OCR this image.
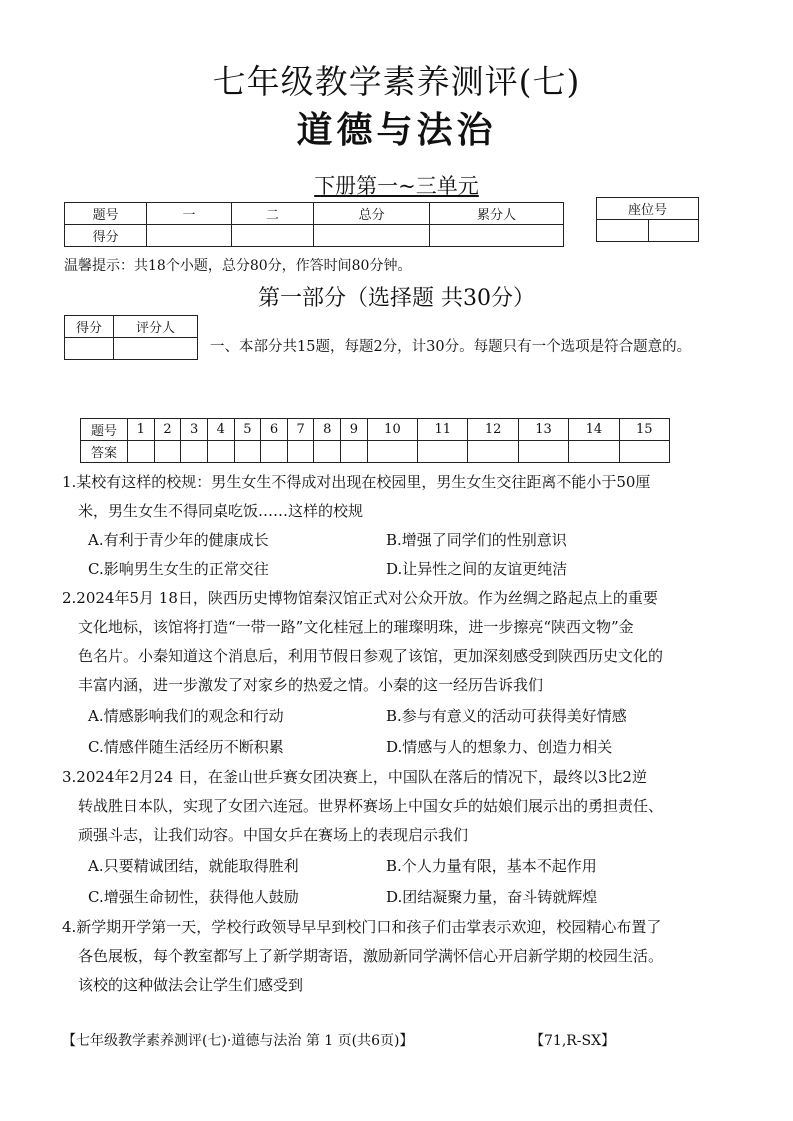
七年级教学素养测评(七)
道德与法治
下册第一~三单元
题号	一	二	总分	累分人
得分				
座位号

温馨提示：共18个小题，总分80分，作答时间80分钟。
第一部分（选择题 共30分）
得分	评分人

一、本部分共15题，每题2分，计30分。每题只有一个选项是符合题意的。
题号	1	2	3	4	5	6	7	8	9	10	11	12	13	14	15
答案															
1.某校有这样的校规：男生女生不得成对出现在校园里，男生女生交往距离不能小于50厘
米，男生女生不得同桌吃饭……这样的校规
A.有利于青少年的健康成长	B.增强了同学们的性别意识
C.影响男生女生的正常交往	D.让异性之间的友谊更纯洁
2.2024年5月 18日，陕西历史博物馆秦汉馆正式对公众开放。作为丝绸之路起点上的重要
文化地标，该馆将打造“一带一路”文化桂冠上的璀璨明珠，进一步擦亮“陕西文物”金
色名片。小秦知道这个消息后，利用节假日参观了该馆，更加深刻感受到陕西历史文化的
丰富内涵，进一步激发了对家乡的热爱之情。小秦的这一经历告诉我们
A.情感影响我们的观念和行动	B.参与有意义的活动可获得美好情感
C.情感伴随生活经历不断积累	D.情感与人的想象力、创造力相关
3.2024年2月24 日，在釜山世乒赛女团决赛上，中国队在落后的情况下，最终以3比2逆
转战胜日本队，实现了女团六连冠。世界杯赛场上中国女乒的姑娘们展示出的勇担责任、
顽强斗志，让我们动容。中国女乒在赛场上的表现启示我们
A.只要精诚团结，就能取得胜利	B.个人力量有限，基本不起作用
C.增强生命韧性，获得他人鼓励	D.团结凝聚力量，奋斗铸就辉煌
4.新学期开学第一天，学校行政领导早早到校门口和孩子们击掌表示欢迎，校园精心布置了
各色展板，每个教室都写上了新学期寄语，激励新同学满怀信心开启新学期的校园生活。
该校的这种做法会让学生们感受到
【七年级教学素养测评(七)·道德与法治 第 1 页(共6页)】	【71,R-SX】
